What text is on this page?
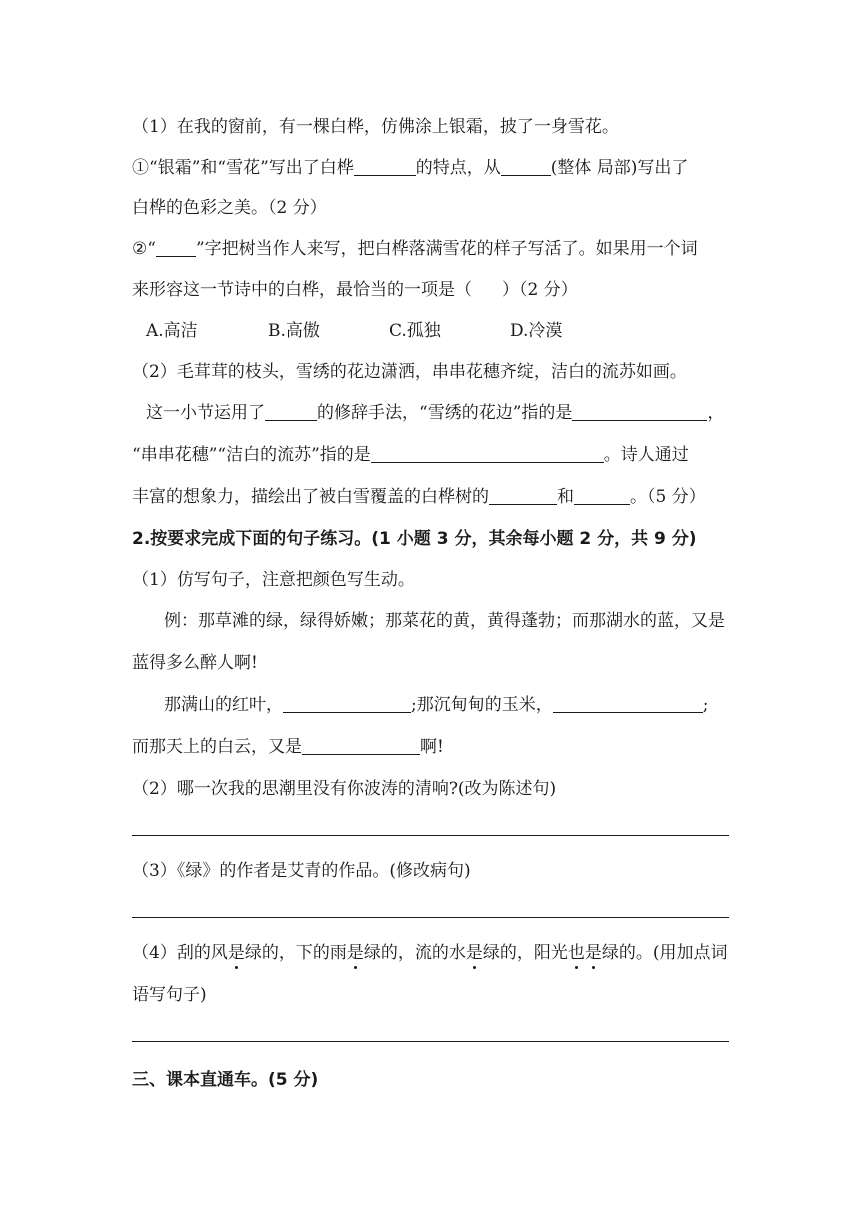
（1）在我的窗前，有一棵白桦，仿佛涂上银霜，披了一身雪花。
①“银霜”和“雪花”写出了白桦	的特点，从	(整体 局部)写出了
白桦的色彩之美。（2 分）
②“ ”字把树当作人来写，把白桦落满雪花的样子写活了。如果用一个词
来形容这一节诗中的白桦，最恰当的一项是（ ）（2 分）
A.高洁	B.高傲	C.孤独	D.冷漠
（2）毛茸茸的枝头，雪绣的花边潇洒，串串花穗齐绽，洁白的流苏如画。
这一小节运用了	的修辞手法，“雪绣的花边”指的是	，
“串串花穗”“洁白的流苏”指的是	。诗人通过
丰富的想象力，描绘出了被白雪覆盖的白桦树的	和	。（5 分）
2.按要求完成下面的句子练习。(1 小题 3 分，其余每小题 2 分，共 9 分)
（1）仿写句子，注意把颜色写生动。
例：那草滩的绿，绿得娇嫩；那菜花的黄，黄得蓬勃；而那湖水的蓝，又是
蓝得多么醉人啊!
那满山的红叶，	;那沉甸甸的玉米，	;
而那天上的白云，又是	啊!
（2）哪一次我的思潮里没有你波涛的清响?(改为陈述句)
（3）《绿》的作者是艾青的作品。(修改病句)
（4）刮的风是绿的，下的雨是绿的，流的水是绿的，阳光也是绿的。(用加点词
语写句子)
三、课本直通车。(5 分)
